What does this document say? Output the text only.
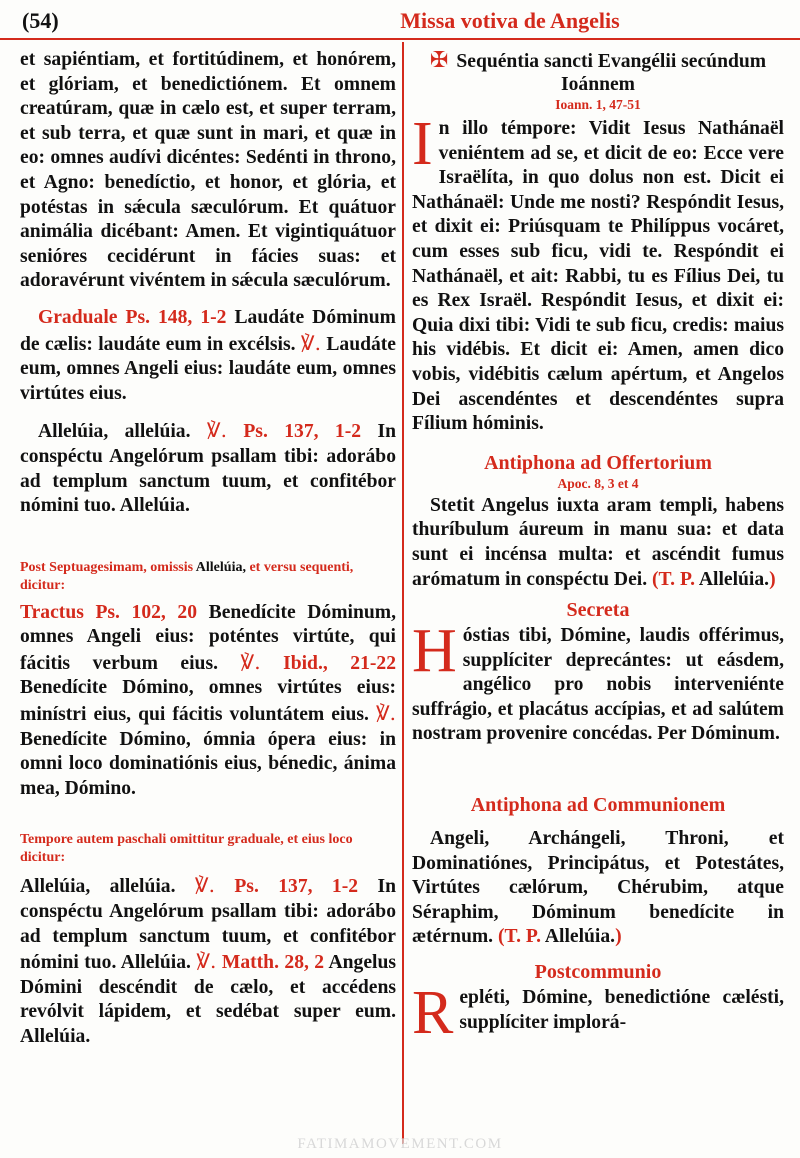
(54)	Missa votiva de Angelis

et sapiéntiam, et fortitúdinem, et honórem, et glóriam, et benedictiónem. Et omnem creatúram, quæ in cælo est, et super terram, et sub terra, et quæ sunt in mari, et quæ in eo: omnes audívi dicéntes: Sedénti in throno, et Agno: benedíctio, et honor, et glória, et potéstas in sǽcula sæculórum. Et quátuor animália dicébant: Amen. Et vigintiquátuor senióres cecidérunt in fácies suas: et adoravérunt vivéntem in sǽcula sæculórum.

Graduale Ps. 148, 1-2 Laudáte Dóminum de cælis: laudáte eum in excélsis. ℣. Laudáte eum, omnes Angeli eius: laudáte eum, omnes virtútes eius.

Allelúia, allelúia. ℣. Ps. 137, 1-2 In conspéctu Angelórum psallam tibi: adorábo ad templum sanctum tuum, et confitébor nómini tuo. Allelúia.

Post Septuagesimam, omissis Allelúia, et versu sequenti, dicitur:

Tractus Ps. 102, 20 Benedícite Dóminum, omnes Angeli eius: poténtes virtúte, qui fácitis verbum eius. ℣. Ibid., 21-22 Benedícite Dómino, omnes virtútes eius: minístri eius, qui fácitis voluntátem eius. ℣. Benedícite Dómino, ómnia ópera eius: in omni loco dominatiónis eius, bénedic, ánima mea, Dómino.

Tempore autem paschali omittitur graduale, et eius loco dicitur:

Allelúia, allelúia. ℣. Ps. 137, 1-2 In conspéctu Angelórum psallam tibi: adorábo ad templum sanctum tuum, et confitébor nómini tuo. Allelúia. ℣. Matth. 28, 2 Angelus Dómini descéndit de cælo, et accédens revólvit lápidem, et sedébat super eum. Allelúia.

✠ Sequéntia sancti Evangélii secúndum Ioánnem
Ioann. 1, 47-51

In illo témpore: Vidit Iesus Nathánaël veniéntem ad se, et dicit de eo: Ecce vere Israëlíta, in quo dolus non est. Dicit ei Nathánaël: Unde me nosti? Respóndit Iesus, et dixit ei: Priúsquam te Philíppus vocáret, cum esses sub ficu, vidi te. Respóndit ei Nathánaël, et ait: Rabbi, tu es Fílius Dei, tu es Rex Israël. Respóndit Iesus, et dixit ei: Quia dixi tibi: Vidi te sub ficu, credis: maius his vidébis. Et dicit ei: Amen, amen dico vobis, vidébitis cælum apértum, et Angelos Dei ascendéntes et descendéntes supra Fílium hóminis.

Antiphona ad Offertorium
Apoc. 8, 3 et 4

Stetit Angelus iuxta aram templi, habens thuríbulum áureum in manu sua: et data sunt ei incénsa multa: et ascéndit fumus arómatum in conspéctu Dei. (T. P. Allelúia.)

Secreta

Hóstias tibi, Dómine, laudis offérimus, supplíciter deprecántes: ut eásdem, angélico pro nobis interveniénte suffrágio, et placátus accípias, et ad salútem nostram provenire concédas. Per Dóminum.

Antiphona ad Communionem

Angeli, Archángeli, Throni, et Dominatiónes, Principátus, et Potestátes, Virtútes cælórum, Chérubim, atque Séraphim, Dóminum benedícite in ætérnum. (T. P. Allelúia.)

Postcommunio

Repléti, Dómine, benedictióne cælésti, supplíciter implorá-

FATIMAMOVEMENT.COM
